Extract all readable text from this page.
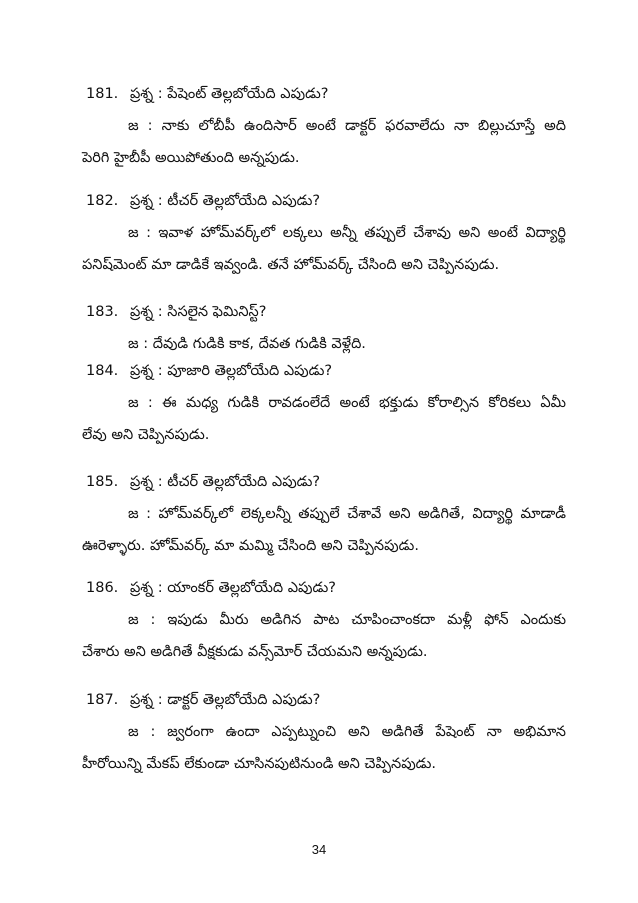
181. ప్రశ్న : పేషెంట్ తెల్లబోయేది ఎపుడు?
జ : నాకు లోబీపీ ఉందిసార్ అంటే డాక్టర్ ఫరవాలేదు నా బిల్లుచూస్తే అది
పెరిగి హైబీపీ అయిపోతుంది అన్నపుడు.
182. ప్రశ్న : టీచర్ తెల్లబోయేది ఎపుడు?
జ : ఇవాళ హోమ్‌వర్క్‌లో లక్కలు అన్నీ తప్పులే చేశావు అని అంటే విద్యార్థి
పనిష్‌మెంట్ మా డాడికే ఇవ్వండి. తనే హోమ్‌వర్క్ చేసింది అని చెప్పినపుడు.
183. ప్రశ్న : సిసలైన ఫెమినిస్ట్?
జ : దేవుడి గుడికి కాక, దేవత గుడికి వెళ్లేది.
184. ప్రశ్న : పూజారి తెల్లబోయేది ఎపుడు?
జ : ఈ మధ్య గుడికి రావడంలేదే అంటే భక్తుడు కోరాల్సిన కోరికలు ఏమీ
లేవు అని చెప్పినపుడు.
185. ప్రశ్న : టీచర్ తెల్లబోయేది ఎపుడు?
జ : హోమ్‌వర్క్‌లో లెక్కలన్నీ తప్పులే చేశావే అని అడిగితే, విద్యార్థి మాడాడీ
ఊరెళ్ళారు. హోమ్‌వర్క్ మా మమ్మి చేసింది అని చెప్పినపుడు.
186. ప్రశ్న : యాంకర్ తెల్లబోయేది ఎపుడు?
జ : ఇపుడు మీరు అడిగిన పాట చూపించాంకదా మళ్లీ ఫోన్ ఎందుకు
చేశారు అని అడిగితే వీక్షకుడు వన్స్‌మోర్ చేయమని అన్నపుడు.
187. ప్రశ్న : డాక్టర్ తెల్లబోయేది ఎపుడు?
జ : జ్వరంగా ఉందా ఎప్పట్నుంచి అని అడిగితే పేషెంట్ నా అభిమాన
హీరోయిన్ని మేకప్ లేకుండా చూసినపుటినుండి అని చెప్పినపుడు.
34
